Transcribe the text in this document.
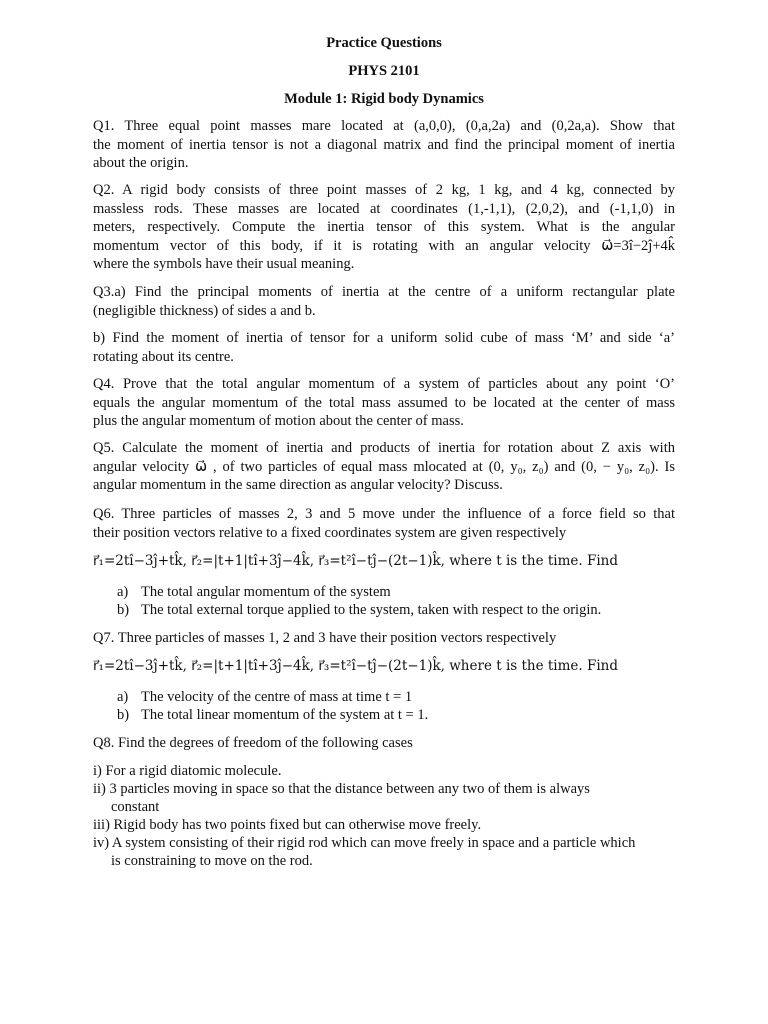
Practice Questions
PHYS 2101
Module 1: Rigid body Dynamics
Q1. Three equal point masses mare located at (a,0,0), (0,a,2a) and (0,2a,a). Show that
the moment of inertia tensor is not a diagonal matrix and find the principal moment of inertia
about the origin.
Q2. A rigid body consists of three point masses of 2 kg, 1 kg, and 4 kg, connected by
massless rods. These masses are located at coordinates (1,-1,1), (2,0,2), and (-1,1,0) in
meters, respectively. Compute the inertia tensor of this system. What is the angular
momentum vector of this body, if it is rotating with an angular velocity ω⃗=3î−2ĵ+4k̂
where the symbols have their usual meaning.
Q3.a) Find the principal moments of inertia at the centre of a uniform rectangular plate
(negligible thickness) of sides a and b.
b) Find the moment of inertia of tensor for a uniform solid cube of mass ‘M’ and side ‘a’
rotating about its centre.
Q4. Prove that the total angular momentum of a system of particles about any point ‘O’
equals the angular momentum of the total mass assumed to be located at the center of mass
plus the angular momentum of motion about the center of mass.
Q5. Calculate the moment of inertia and products of inertia for rotation about Z axis with
angular velocity ω⃗ , of two particles of equal mass mlocated at (0, y₀, z₀) and (0, − y₀, z₀). Is
angular momentum in the same direction as angular velocity? Discuss.
Q6. Three particles of masses 2, 3 and 5 move under the influence of a force field so that
their position vectors relative to a fixed coordinates system are given respectively
r⃗₁=2tî−3ĵ+tk̂, r⃗₂=|t+1|tî+3ĵ−4k̂, r⃗₃=t²î−tĵ−(2t−1)k̂, where t is the time. Find
a) The total angular momentum of the system
b) The total external torque applied to the system, taken with respect to the origin.
Q7. Three particles of masses 1, 2 and 3 have their position vectors respectively
r⃗₁=2tî−3ĵ+tk̂, r⃗₂=|t+1|tî+3ĵ−4k̂, r⃗₃=t²î−tĵ−(2t−1)k̂, where t is the time. Find
a) The velocity of the centre of mass at time t = 1
b) The total linear momentum of the system at t = 1.
Q8. Find the degrees of freedom of the following cases
i) For a rigid diatomic molecule.
ii) 3 particles moving in space so that the distance between any two of them is always
constant
iii) Rigid body has two points fixed but can otherwise move freely.
iv) A system consisting of their rigid rod which can move freely in space and a particle which
is constraining to move on the rod.
